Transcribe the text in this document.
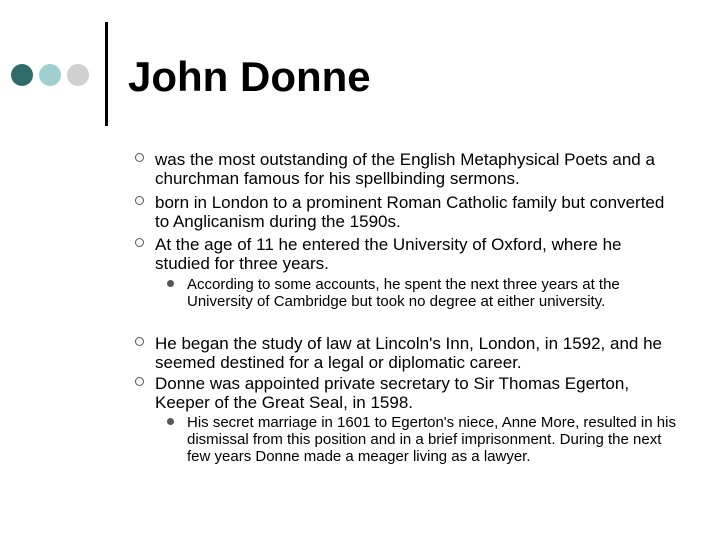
John Donne
was the most outstanding of the English Metaphysical Poets and a churchman famous for his spellbinding sermons.
born in London to a prominent Roman Catholic family but converted to Anglicanism during the 1590s.
At the age of 11 he entered the University of Oxford, where he studied for three years.
According to some accounts, he spent the next three years at the University of Cambridge but took no degree at either university.
He began the study of law at Lincoln's Inn, London, in 1592, and he seemed destined for a legal or diplomatic career.
Donne was appointed private secretary to Sir Thomas Egerton, Keeper of the Great Seal, in 1598.
His secret marriage in 1601 to Egerton's niece, Anne More, resulted in his dismissal from this position and in a brief imprisonment. During the next few years Donne made a meager living as a lawyer.
